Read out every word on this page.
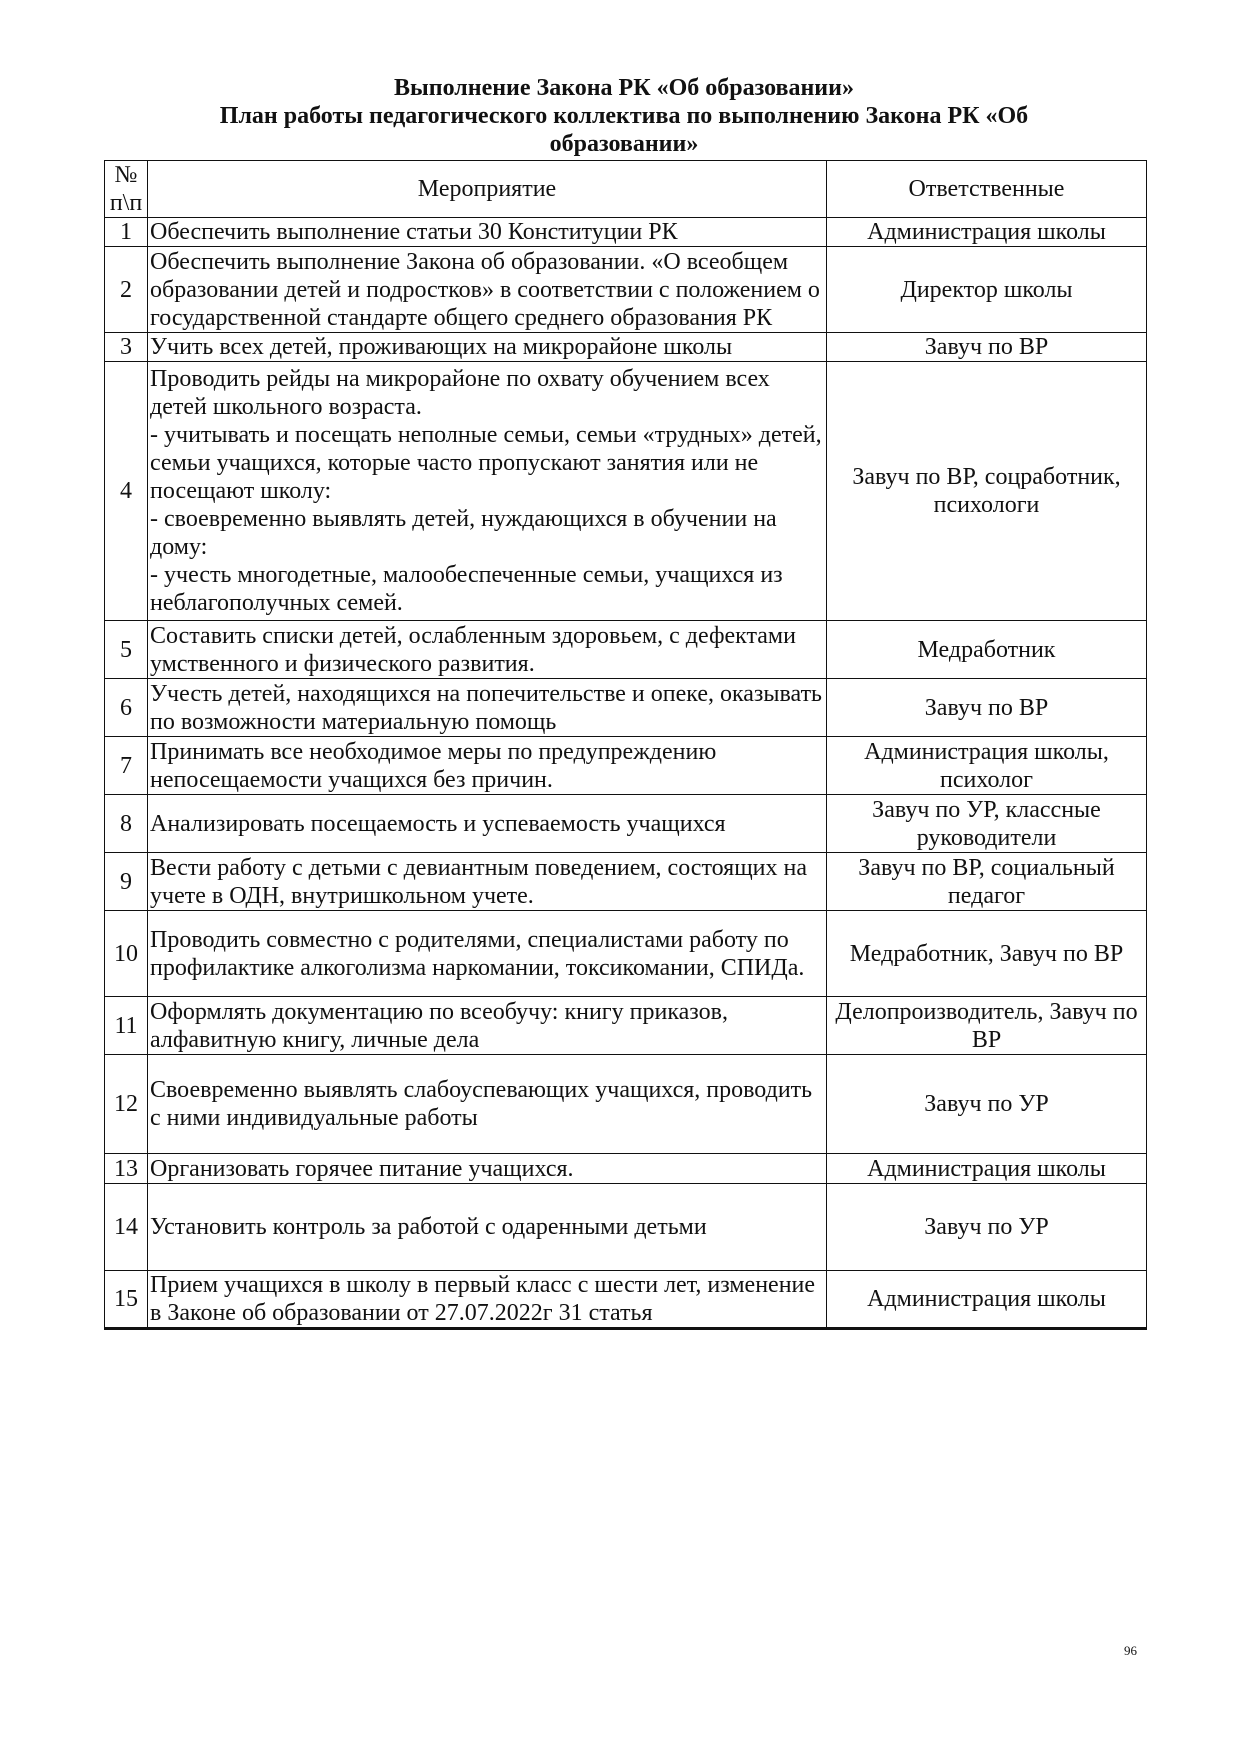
Выполнение Закона РК «Об образовании»
План работы педагогического коллектива по выполнению Закона РК «Об
образовании»
№ п\п	Мероприятие	Ответственные
1	Обеспечить выполнение статьи 30 Конституции РК	Администрация школы
2	Обеспечить выполнение Закона об образовании. «О всеобщем образовании детей и подростков» в соответствии с положением о государственной стандарте общего среднего образования РК	Директор школы
3	Учить всех детей, проживающих на микрорайоне школы	Завуч по ВР
4	Проводить рейды на микрорайоне по охвату обучением всех детей школьного возраста.
- учитывать и посещать неполные семьи, семьи «трудных» детей, семьи учащихся, которые часто пропускают занятия или не посещают школу:
- своевременно выявлять детей, нуждающихся в обучении на дому:
- учесть многодетные, малообеспеченные семьи, учащихся из неблагополучных семей.	Завуч по ВР, соцработник, психологи
5	Составить списки детей, ослабленным здоровьем, с дефектами умственного и физического развития.	Медработник
6	Учесть детей, находящихся на попечительстве и опеке, оказывать по возможности материальную помощь	Завуч по ВР
7	Принимать все необходимое меры по предупреждению непосещаемости учащихся без причин.	Администрация школы, психолог
8	Анализировать посещаемость и успеваемость учащихся	Завуч по УР, классные руководители
9	Вести работу с детьми с девиантным поведением, состоящих на учете в ОДН, внутришкольном учете.	Завуч по ВР, социальный педагог
10	Проводить совместно с родителями, специалистами работу по профилактике алкоголизма наркомании, токсикомании, СПИДа.	Медработник, Завуч по ВР
11	Оформлять документацию по всеобучу: книгу приказов, алфавитную книгу, личные дела	Делопроизводитель, Завуч по ВР
12	Своевременно выявлять слабоуспевающих учащихся, проводить с ними индивидуальные работы	Завуч по УР
13	Организовать горячее питание учащихся.	Администрация школы
14	Установить контроль за работой с одаренными детьми	Завуч по УР
15	Прием учащихся в школу в первый класс с шести лет, изменение в Законе об образовании от 27.07.2022г 31 статья	Администрация школы
96
